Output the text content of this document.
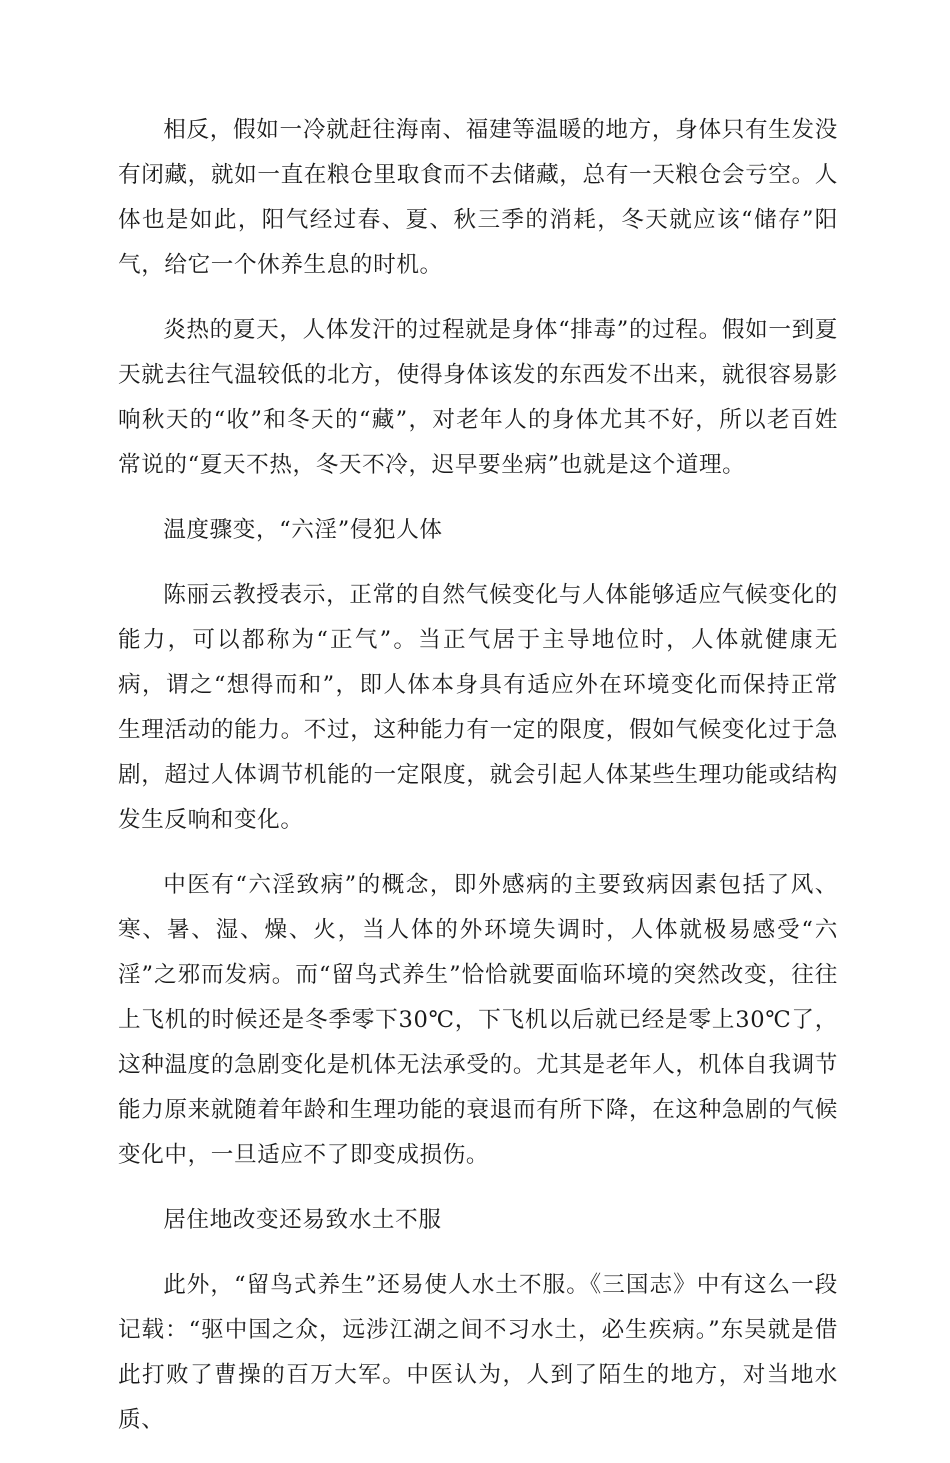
相反，假如一冷就赶往海南、福建等温暖的地方，身体只有生发没有闭藏，就如一直在粮仓里取食而不去储藏，总有一天粮仓会亏空。人体也是如此，阳气经过春、夏、秋三季的消耗，冬天就应该“储存”阳气，给它一个休养生息的时机。

炎热的夏天，人体发汗的过程就是身体“排毒”的过程。假如一到夏天就去往气温较低的北方，使得身体该发的东西发不出来，就很容易影响秋天的“收”和冬天的“藏”，对老年人的身体尤其不好，所以老百姓常说的“夏天不热，冬天不冷，迟早要坐病”也就是这个道理。

温度骤变，“六淫”侵犯人体

陈丽云教授表示，正常的自然气候变化与人体能够适应气候变化的能力，可以都称为“正气”。当正气居于主导地位时，人体就健康无病，谓之“想得而和”，即人体本身具有适应外在环境变化而保持正常生理活动的能力。不过，这种能力有一定的限度，假如气候变化过于急剧，超过人体调节机能的一定限度，就会引起人体某些生理功能或结构发生反响和变化。

中医有“六淫致病”的概念，即外感病的主要致病因素包括了风、寒、暑、湿、燥、火，当人体的外环境失调时，人体就极易感受“六淫”之邪而发病。而“留鸟式养生”恰恰就要面临环境的突然改变，往往上飞机的时候还是冬季零下30℃，下飞机以后就已经是零上30℃了，这种温度的急剧变化是机体无法承受的。尤其是老年人，机体自我调节能力原来就随着年龄和生理功能的衰退而有所下降，在这种急剧的气候变化中，一旦适应不了即变成损伤。

居住地改变还易致水土不服

此外，“留鸟式养生”还易使人水土不服。《三国志》中有这么一段记载：“驱中国之众，远涉江湖之间不习水土，必生疾病。”东吴就是借此打败了曹操的百万大军。中医认为，人到了陌生的地方，对当地水质、
